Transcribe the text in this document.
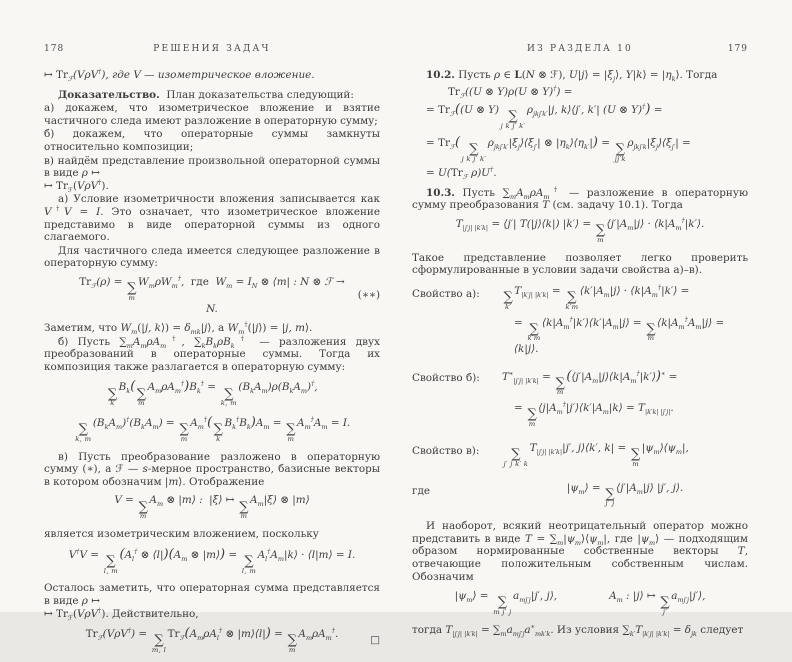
178	РЕШЕНИЯ ЗАДАЧ

↦ $Tr_ℱ(V\rho V^\dagger)$, где V — изометрическое вложение.

Доказательство.  План доказательства следующий:

а) докажем, что изометрическое вложение и взятие частичного следа имеют разложение в операторную сумму;

б) докажем, что операторные суммы замкнуты относительно композиции;

в) найдём представление произвольной операторной суммы в виде ρ ↦
↦ $Tr_ℱ(V\rho V^\dagger)$.

а) Условие изометричности вложения записывается как V†V = I. Это означает, что изометрическое вложение представимо в виде операторной суммы из одного слагаемого.

Для частичного следа имеется следующее разложение в операторную сумму:

$Tr_ℱ(\rho)$ = ∑
m
$W_m\rho W_m^\dagger$,  где  $W_m = I_N$ ⊗ ⟨m| : N ⊗ ℱ → N.
(∗∗)

Заметим, что $W_m(|j$, k⟩) = $\delta_{mk}|j⟩$, а $W_m^\dagger(|j⟩) = |j$, m⟩.

б) Пусть $\sum_mA_m\rho A_m^\dagger$, $\sum_kB_k\rho B_k^\dagger$ — разложения двух преобразований в операторные суммы. Тогда их композиция также разлагается в операторную сумму:

∑
k
$B_k$( ∑
m
$A_m\rho A_m^\dagger)B_k^\dagger$ = ∑
k, m
$(B_kA_m)\rho(B_kA_m)^\dagger$,
∑
k, m
$(B_kA_m)^\dagger(B_kA_m)$ = ∑
m
$A_m^\dagger$( ∑
k
$B_k^\dagger B_k)A_m$ = ∑
m
$A_m^\dagger A_m = I$.

в) Пусть преобразование разложено в операторную сумму (∗), а ℱ — s-мерное пространство, базисные векторы в котором обозначим |m⟩. Отображение

V = ∑
m
$A_m$ ⊗ |m⟩ :  |ξ⟩ ↦ ∑
m
$A_m|\xi⟩$ ⊗ |m⟩

является изометрическим вложением, поскольку

V†V = ∑
l, m
($A_l^\dagger$ ⊗ $⟨l|)(A_m$ ⊗ |m⟩) = ∑
l, m
$A_l^\dagger A_m|k⟩$ · ⟨l|m⟩ = I.

Осталось заметить, что операторная сумма представляется в виде ρ ↦
↦ $Tr_ℱ(V\rho V^\dagger)$. Действительно,

$Tr_ℱ(V\rho V^\dagger)$ = ∑
m, l
$Tr_ℱ(A_m\rho A_l^\dagger$ ⊗ |m⟩⟨l|) = ∑
m
$A_m\rho A_m^\dagger$.
□
ИЗ РАЗДЕЛА 10	179

10.2. Пусть ρ ∈ L(N ⊗ ℱ), U|j⟩ = $|\xi_j⟩$, Y|k⟩ = $|\eta_k⟩$. Тогда

$Tr_ℱ((U$ ⊗ Y)ρ(U ⊗ Y)†) =
= $Tr_ℱ((U$ ⊗ Y) ∑
j k j′ k′
$\rho_{jkj'k'}|j$, k⟩⟨j′, k′| (U ⊗ Y)†) =
= $Tr_ℱ$( ∑
j k j′ k′
$\rho_{jkj'k'}|\xi_j⟩⟨\xi_{j'}|$ ⊗ $|\eta_k⟩⟨\eta_{k'}|$) = ∑
jj′k
$\rho_{jkj'k}|\xi_j⟩⟨\xi_{j'}|$ =
= $U(Tr_ℱ$ ρ)U†.

10.3. Пусть $\sum_mA_m\rho A_m^\dagger$ — разложение в операторную сумму преобразования T (см. задачу 10.1). Тогда

$T_{|j'j| |k'k|}$ = ⟨j′| T(|j⟩⟨k|) |k′⟩ = ∑
m
$⟨j'|A_m|j⟩$ · $⟨k|A_m^\dagger|k'⟩$.

Такое представление позволяет легко проверить сформулированные в условии задачи свойства а)–в).

Свойство а):	∑
k′
$T_{|k'j| |k'k|}$ = ∑
k′m
$⟨k'|A_m|j⟩$ · $⟨k|A_m^\dagger|k'⟩$ =
= ∑
k′m
$⟨k|A_m^\dagger|k'⟩⟨k'|A_m|j⟩$ = ∑
m
$⟨k|A_m^\dagger A_m|j⟩$ = ⟨k|j⟩.
Свойство б):	$T^∗_{|j'j| |k'k|}$ = ∑
m
$(⟨j'|A_m|j⟩⟨k|A_m^\dagger|k'⟩)^∗$ =
= ∑
m
$⟨j|A_m^\dagger|j'⟩⟨k'|A_m|k⟩ = T_{|k'k| |j'j|}$.
Свойство в):	∑
j′ j k′ k
$T_{|j'j| |k'k|}|j'$, j⟩⟨k′, k| = ∑
m
$|\psi_m⟩⟨\psi_m|$,
где	$|\psi_m⟩$ = ∑
j′ j
$⟨j'|A_m|j⟩$ |j′, j⟩.

И наоборот, всякий неотрицательный оператор можно представить в виде $T = \sum_m|\psi_m⟩⟨\psi_m|$, где $|\psi_m⟩$ — подходящим образом нормированные собственные векторы T, отвечающие положительным собственным числам. Обозначим

$|\psi_m⟩$ = ∑
m j′ j
$a_{mj'j}|j'$, j⟩,	$A_m$ : |j⟩ ↦ ∑
j′
$a_{mj'j}|j'⟩$,

тогда $T_{|j'j| |k'k|} = \sum_ma_{mj'j}a^∗_{mk'k}$. Из условия $\sum_{k'}T_{|k'j| |k'k|} = \delta_{jk}$ следует
